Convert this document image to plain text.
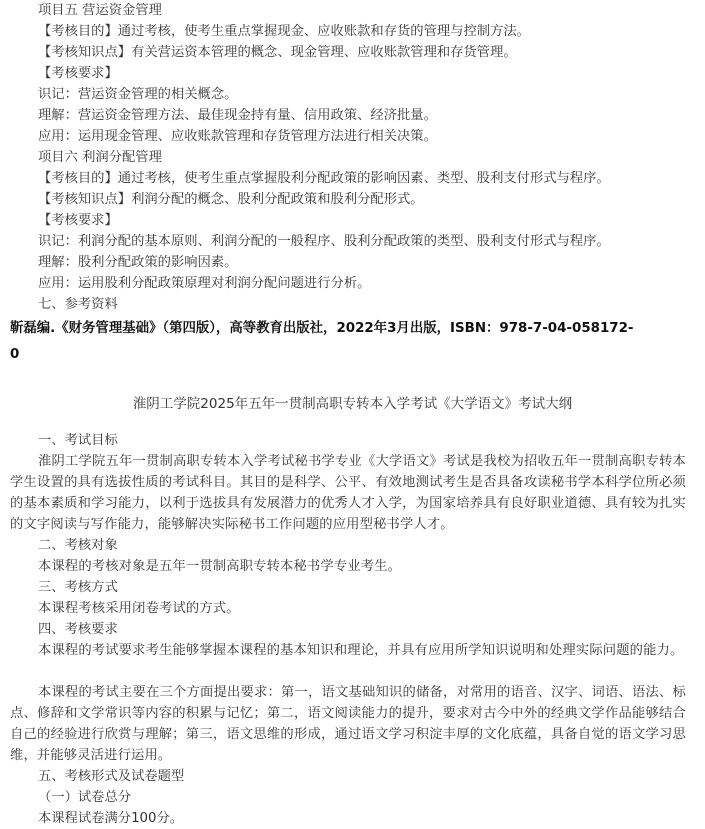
项目五 营运资金管理
【考核目的】通过考核，使考生重点掌握现金、应收账款和存货的管理与控制方法。
【考核知识点】有关营运资本管理的概念、现金管理、应收账款管理和存货管理。
【考核要求】
识记：营运资金管理的相关概念。
理解：营运资金管理方法、最佳现金持有量、信用政策、经济批量。
应用：运用现金管理、应收账款管理和存货管理方法进行相关决策。
项目六 利润分配管理
【考核目的】通过考核，使考生重点掌握股利分配政策的影响因素、类型、股利支付形式与程序。
【考核知识点】利润分配的概念、股利分配政策和股利分配形式。
【考核要求】
识记：利润分配的基本原则、利润分配的一般程序、股利分配政策的类型、股利支付形式与程序。
理解：股利分配政策的影响因素。
应用：运用股利分配政策原理对利润分配问题进行分析。
七、参考资料
靳磊编.《财务管理基础》（第四版），高等教育出版社，2022年3月出版，ISBN：978-7-04-058172-
0
淮阴工学院2025年五年一贯制高职专转本入学考试《大学语文》考试大纲
一、考试目标
淮阴工学院五年一贯制高职专转本入学考试秘书学专业《大学语文》考试是我校为招收五年一贯制高职专转本学生设置的具有选拔性质的考试科目。其目的是科学、公平、有效地测试考生是否具备攻读秘书学本科学位所必须的基本素质和学习能力，以利于选拔具有发展潜力的优秀人才入学，为国家培养具有良好职业道德、具有较为扎实的文字阅读与写作能力，能够解决实际秘书工作问题的应用型秘书学人才。
二、考核对象
本课程的考核对象是五年一贯制高职专转本秘书学专业考生。
三、考核方式
本课程考核采用闭卷考试的方式。
四、考核要求
本课程的考试要求考生能够掌握本课程的基本知识和理论，并具有应用所学知识说明和处理实际问题的能力。
本课程的考试主要在三个方面提出要求：第一，语文基础知识的储备，对常用的语音、汉字、词语、语法、标点、修辞和文学常识等内容的积累与记忆；第二，语文阅读能力的提升，要求对古今中外的经典文学作品能够结合自己的经验进行欣赏与理解；第三，语文思维的形成，通过语文学习积淀丰厚的文化底蕴，具备自觉的语文学习思维，并能够灵活进行运用。
五、考核形式及试卷题型
（一）试卷总分
本课程试卷满分100分。
